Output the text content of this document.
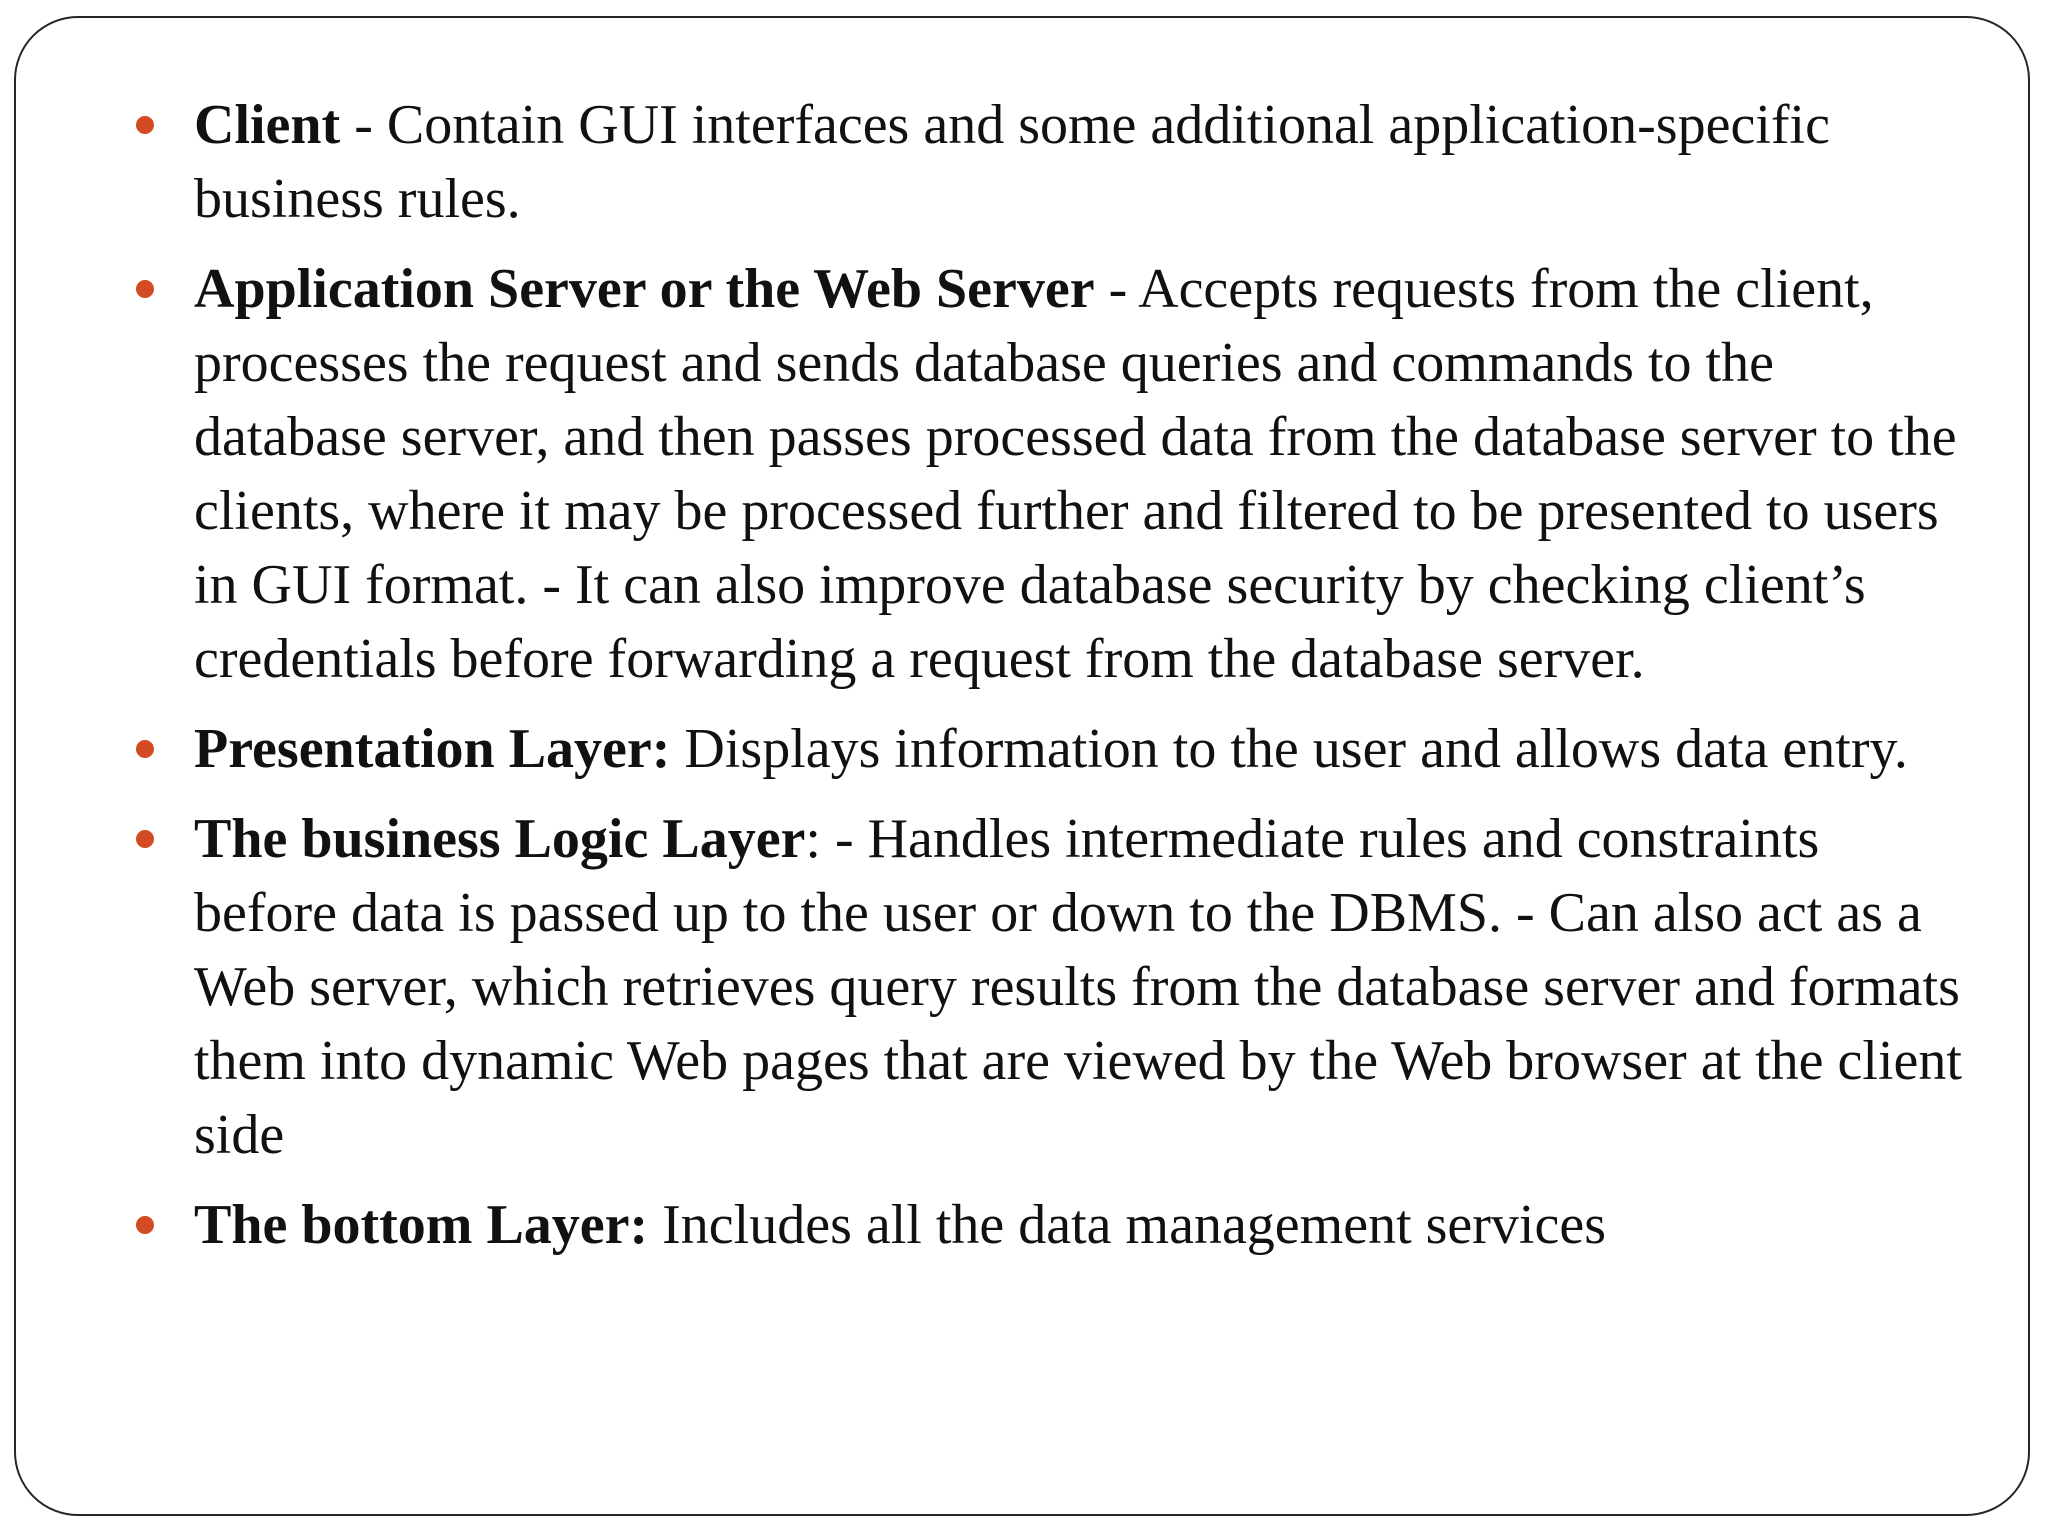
Client - Contain GUI interfaces and some additional application-specific business rules.
Application Server or the Web Server - Accepts requests from the client, processes the request and sends database queries and commands to the database server, and then passes processed data from the database server to the clients, where it may be processed further and filtered to be presented to users in GUI format. - It can also improve database security by checking client’s credentials before forwarding a request from the database server.
Presentation Layer: Displays information to the user and allows data entry.
The business Logic Layer: - Handles intermediate rules and constraints before data is passed up to the user or down to the DBMS. - Can also act as a Web server, which retrieves query results from the database server and formats them into dynamic Web pages that are viewed by the Web browser at the client side
The bottom Layer: Includes all the data management services
